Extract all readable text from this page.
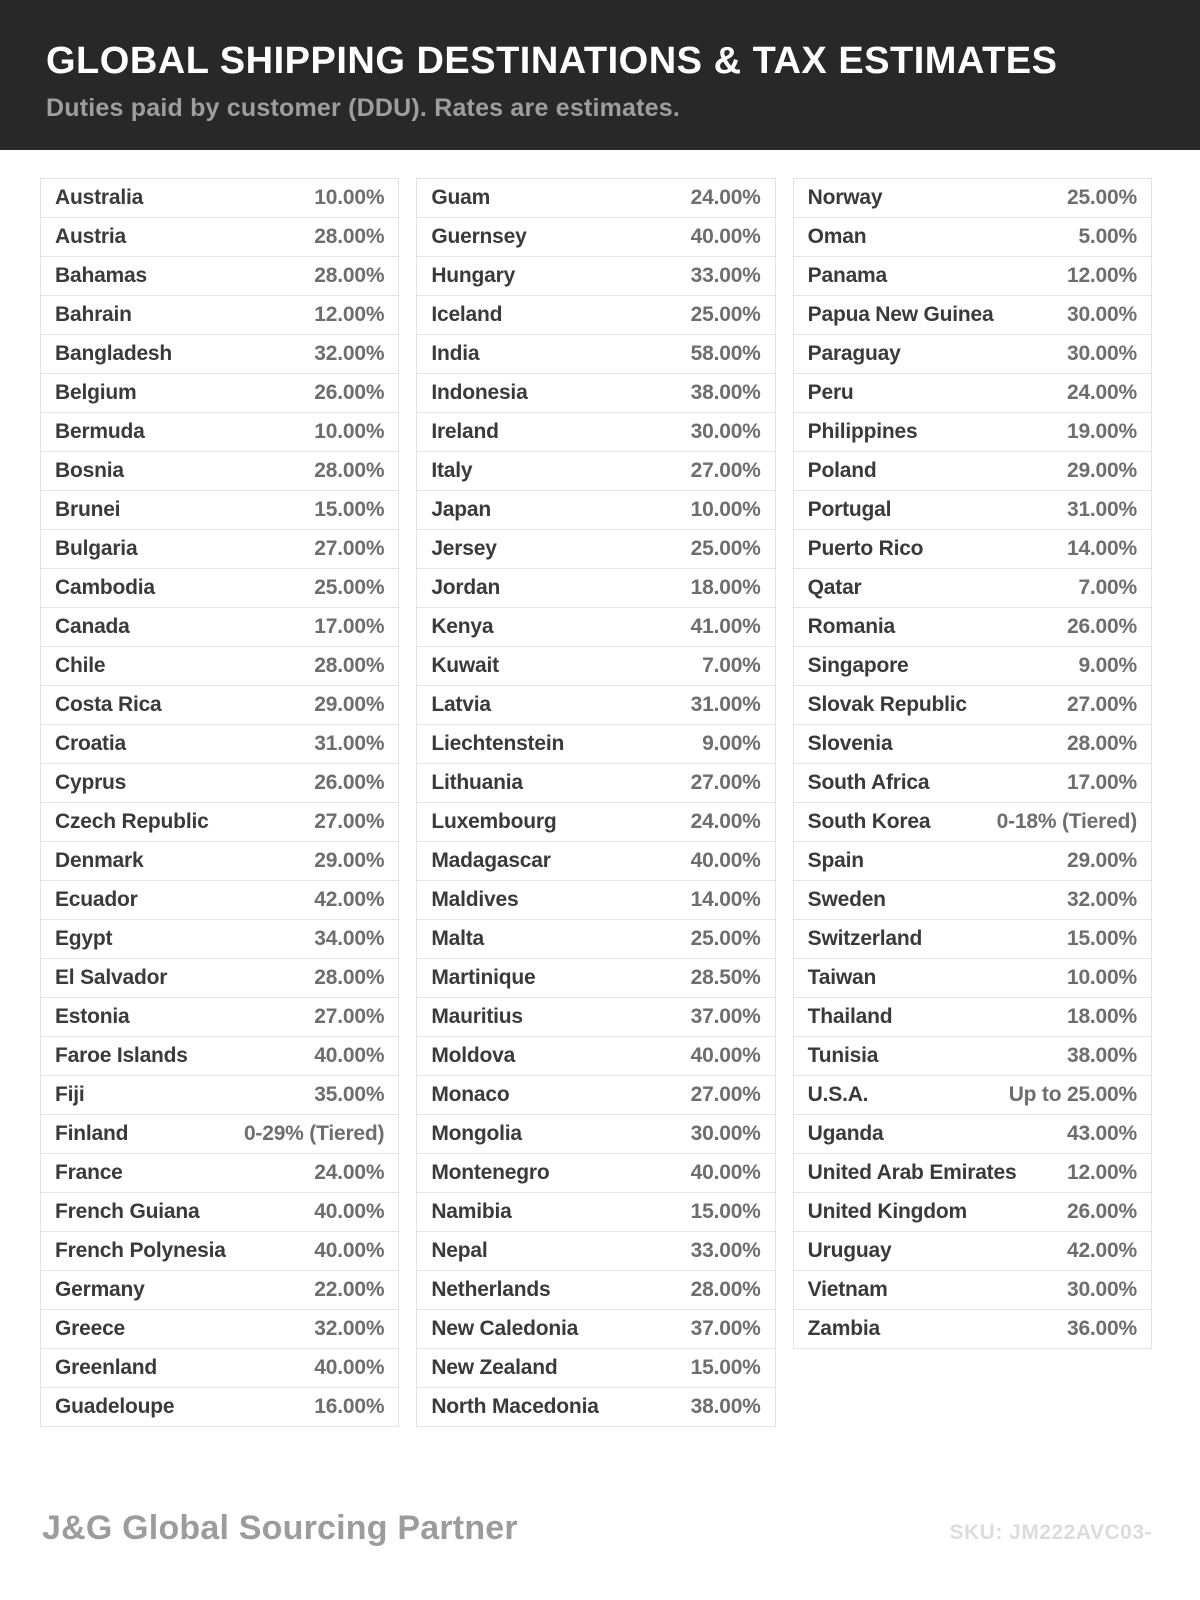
GLOBAL SHIPPING DESTINATIONS & TAX ESTIMATES

Duties paid by customer (DDU). Rates are estimates.

Australia	10.00%
Austria	28.00%
Bahamas	28.00%
Bahrain	12.00%
Bangladesh	32.00%
Belgium	26.00%
Bermuda	10.00%
Bosnia	28.00%
Brunei	15.00%
Bulgaria	27.00%
Cambodia	25.00%
Canada	17.00%
Chile	28.00%
Costa Rica	29.00%
Croatia	31.00%
Cyprus	26.00%
Czech Republic	27.00%
Denmark	29.00%
Ecuador	42.00%
Egypt	34.00%
El Salvador	28.00%
Estonia	27.00%
Faroe Islands	40.00%
Fiji	35.00%
Finland	0-29% (Tiered)
France	24.00%
French Guiana	40.00%
French Polynesia	40.00%
Germany	22.00%
Greece	32.00%
Greenland	40.00%
Guadeloupe	16.00%
Guam	24.00%
Guernsey	40.00%
Hungary	33.00%
Iceland	25.00%
India	58.00%
Indonesia	38.00%
Ireland	30.00%
Italy	27.00%
Japan	10.00%
Jersey	25.00%
Jordan	18.00%
Kenya	41.00%
Kuwait	7.00%
Latvia	31.00%
Liechtenstein	9.00%
Lithuania	27.00%
Luxembourg	24.00%
Madagascar	40.00%
Maldives	14.00%
Malta	25.00%
Martinique	28.50%
Mauritius	37.00%
Moldova	40.00%
Monaco	27.00%
Mongolia	30.00%
Montenegro	40.00%
Namibia	15.00%
Nepal	33.00%
Netherlands	28.00%
New Caledonia	37.00%
New Zealand	15.00%
North Macedonia	38.00%
Norway	25.00%
Oman	5.00%
Panama	12.00%
Papua New Guinea	30.00%
Paraguay	30.00%
Peru	24.00%
Philippines	19.00%
Poland	29.00%
Portugal	31.00%
Puerto Rico	14.00%
Qatar	7.00%
Romania	26.00%
Singapore	9.00%
Slovak Republic	27.00%
Slovenia	28.00%
South Africa	17.00%
South Korea	0-18% (Tiered)
Spain	29.00%
Sweden	32.00%
Switzerland	15.00%
Taiwan	10.00%
Thailand	18.00%
Tunisia	38.00%
U.S.A.	Up to 25.00%
Uganda	43.00%
United Arab Emirates 12.00%
United Kingdom	26.00%
Uruguay	42.00%
Vietnam	30.00%
Zambia	36.00%
J&G Global Sourcing Partner	SKU: JM222AVC03-
